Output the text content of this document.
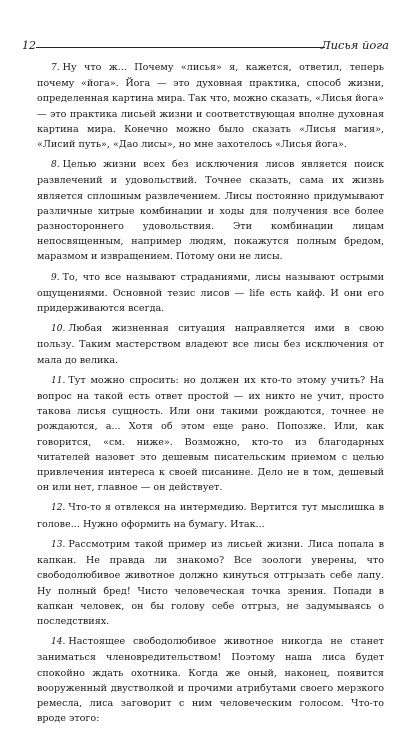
12	Лисья йога

7. Ну что ж... Почему «лисья» я, кажется, ответил, теперь почему «йога». Йога — это духовная практика, способ жизни, определенная картина мира. Так что, можно сказать, «Лисья йога» — это практика лисьей жизни и соответствующая вполне духовная картина мира. Конечно можно было сказать «Лисья магия», «Лисий путь», «Дао лисы», но мне захотелось «Лисья йога».

8. Целью жизни всех без исключения лисов является поиск развлечений и удовольствий. Точнее сказать, сама их жизнь является сплошным развлечением. Лисы постоянно придумывают различные хитрые комбинации и ходы для получения все более разностороннего удовольствия. Эти комбинации лицам непосвященным, например людям, покажутся полным бредом, маразмом и извращением. Потому они не лисы.

9. То, что все называют страданиями, лисы называют острыми ощущениями. Основной тезис лисов — life есть кайф. И они его придерживаются всегда.

10. Любая жизненная ситуация направляется ими в свою пользу. Таким мастерством владеют все лисы без исключения от мала до велика.

11. Тут можно спросить: но должен их кто-то этому учить? На вопрос на такой есть ответ простой — их никто не учит, просто такова лисья сущность. Или они такими рождаются, точнее не рождаются, а... Хотя об этом еще рано. Попозже. Или, как говорится, «см. ниже». Возможно, кто-то из благодарных читателей назовет это дешевым писательским приемом с целью привлечения интереса к своей писанине. Дело не в том, дешевый он или нет, главное — он действует.

12. Что-то я отвлекся на интермедию. Вертится тут мыслишка в голове... Нужно оформить на бумагу. Итак...

13. Рассмотрим такой пример из лисьей жизни. Лиса попала в капкан. Не правда ли знакомо? Все зоологи уверены, что свободолюбивое животное должно кинуться отгрызать себе лапу. Ну полный бред! Чисто человеческая точка зрения. Попади в капкан человек, он бы голову себе отгрыз, не задумываясь о последствиях.

14. Настоящее свободолюбивое животное никогда не станет заниматься членовредительством! Поэтому наша лиса будет спокойно ждать охотника. Когда же оный, наконец, появится вооруженный двустволкой и прочими атрибутами своего мерзкого ремесла, лиса заговорит с ним человеческим голосом. Что-то вроде этого:
